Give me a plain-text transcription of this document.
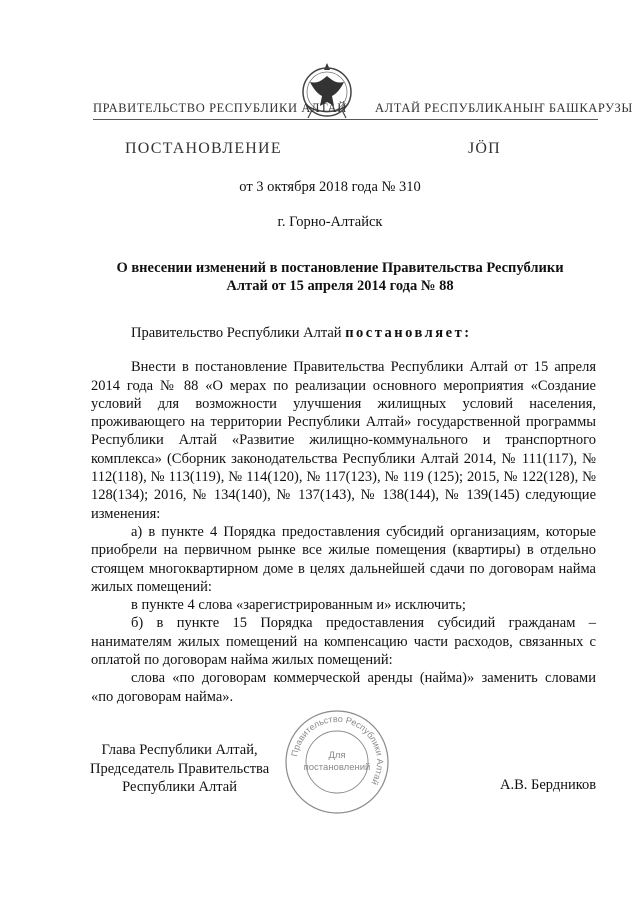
ПРАВИТЕЛЬСТВО РЕСПУБЛИКИ АЛТАЙ АЛТАЙ РЕСПУБЛИКАНЫҤ БАШКАРУЗЫ
ПОСТАНОВЛЕНИЕ	JÖП
от 3 октября 2018 года № 310
г. Горно-Алтайск
О внесении изменений в постановление Правительства Республики
Алтай от 15 апреля 2014 года № 88

Правительство Республики Алтай постановляет:

Внести в постановление Правительства Республики Алтай от 15 апреля 2014 года № 88 «О мерах по реализации основного мероприятия «Создание условий для возможности улучшения жилищных условий населения, проживающего на территории Республики Алтай» государственной программы Республики Алтай «Развитие жилищно-коммунального и транспортного комплекса» (Сборник законодательства Республики Алтай 2014, № 111(117), № 112(118), № 113(119), № 114(120), № 117(123), № 119 (125); 2015, № 122(128), № 128(134); 2016, № 134(140), № 137(143), № 138(144), № 139(145) следующие изменения:

а) в пункте 4 Порядка предоставления субсидий организациям, которые приобрели на первичном рынке все жилые помещения (квартиры) в отдельно стоящем многоквартирном доме в целях дальнейшей сдачи по договорам найма жилых помещений:

в пункте 4 слова «зарегистрированным и» исключить;

б) в пункте 15 Порядка предоставления субсидий гражданам – нанимателям жилых помещений на компенсацию части расходов, связанных с оплатой по договорам найма жилых помещений:

слова «по договорам коммерческой аренды (найма)» заменить словами «по договорам найма».

Глава Республики Алтай,
Председатель Правительства
Республики Алтай	А.В. Бердников
Правительство Республики Алтай
Для
постановлений
